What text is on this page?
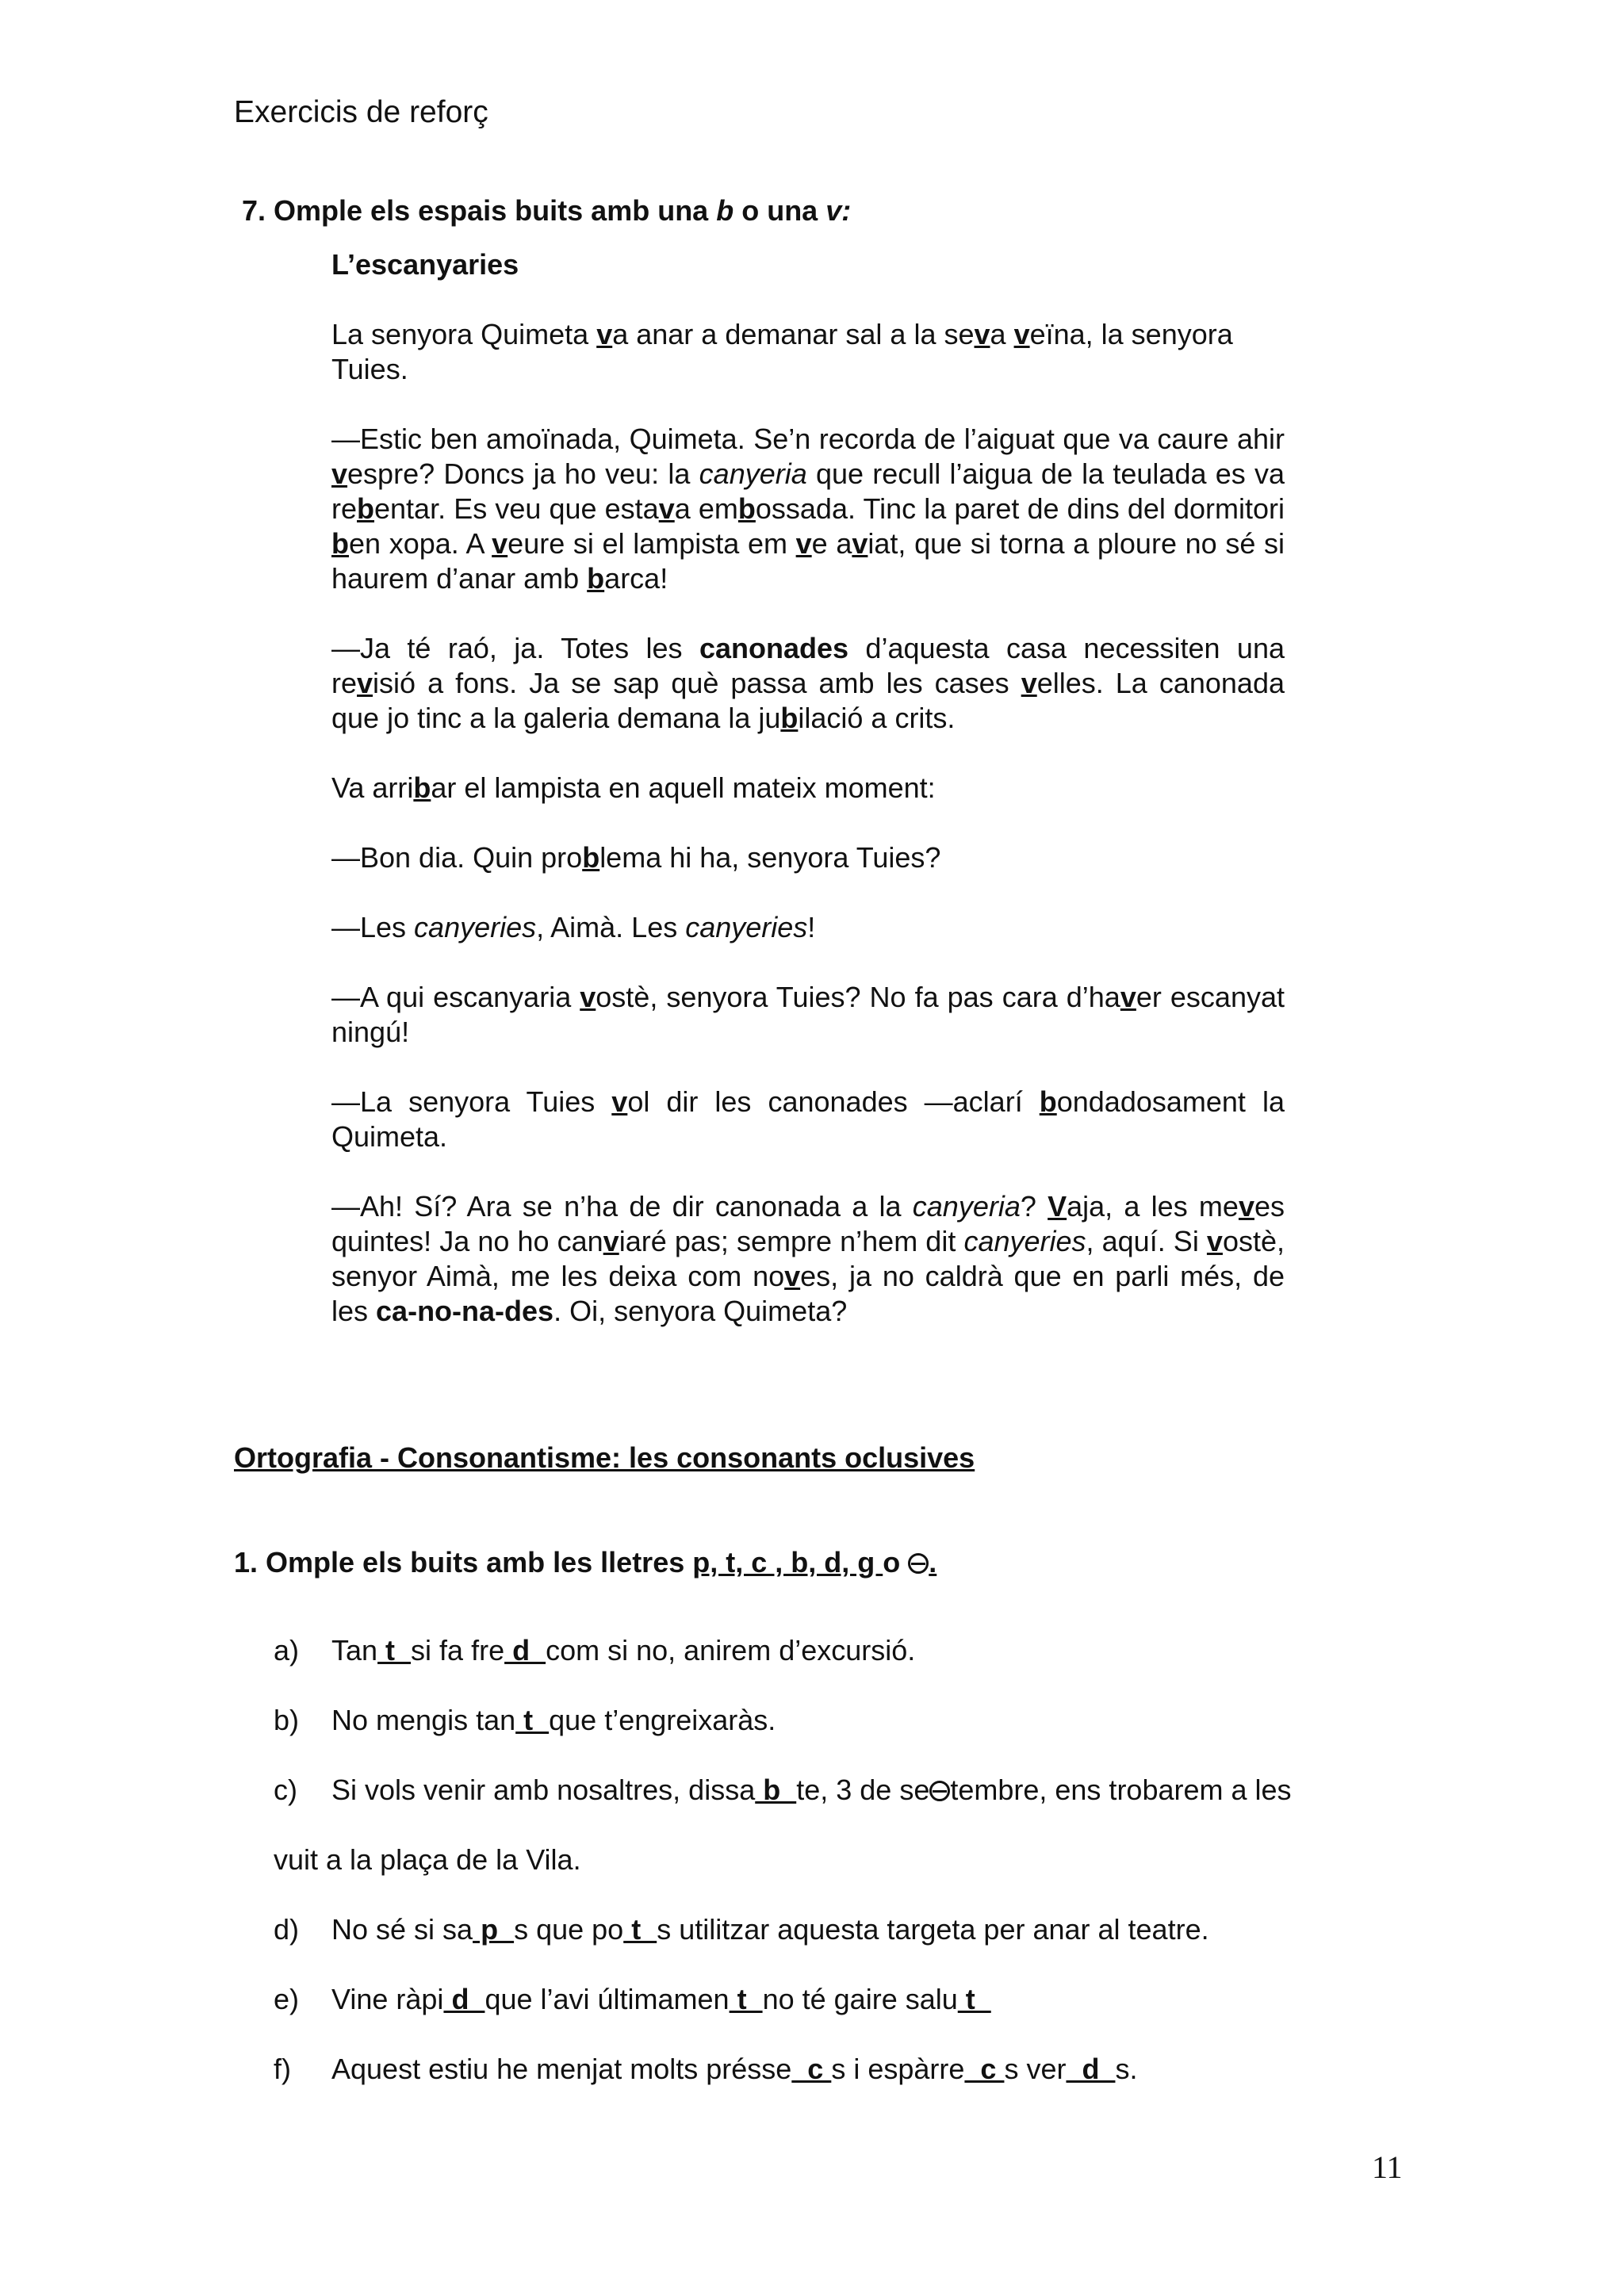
Exercicis de reforç
7. Omple els espais buits amb una b o una v:
L’escanyaries

La senyora Quimeta va anar a demanar sal a la seva veïna, la senyora Tuies.

—Estic ben amoïnada, Quimeta. Se’n recorda de l’aiguat que va caure ahir vespre? Doncs ja ho veu: la canyeria que recull l’aigua de la teulada es va rebentar. Es veu que estava embossada. Tinc la paret de dins del dormitori ben xopa. A veure si el lampista em ve aviat, que si torna a ploure no sé si haurem d’anar amb barca!

—Ja té raó, ja. Totes les canonades d’aquesta casa necessiten una revisió a fons. Ja se sap què passa amb les cases velles. La canonada que jo tinc a la galeria demana la jubilació a crits.

Va arribar el lampista en aquell mateix moment:

—Bon dia. Quin problema hi ha, senyora Tuies?

—Les canyeries, Aimà. Les canyeries!

—A qui escanyaria vostè, senyora Tuies? No fa pas cara d’haver escanyat ningú!

—La senyora Tuies vol dir les canonades —aclarí bondadosament la Quimeta.

—Ah! Sí? Ara se n’ha de dir canonada a la canyeria? Vaja, a les meves quintes! Ja no ho canviaré pas; sempre n’hem dit canyeries, aquí. Si vostè, senyor Aimà, me les deixa com noves, ja no caldrà que en parli més, de les ca-no-na-des. Oi, senyora Quimeta?

Ortografia - Consonantisme: les consonants oclusives
1. Omple els buits amb les lletres p, t, c , b, d, g o .
a) Tan t  si fa fre d  com si no, anirem d’excursió.
b) No mengis tan t  que t’engreixaràs.
c) Si vols venir amb nosaltres, dissa b  te, 3 de se tembre, ens trobarem a les
vuit a la plaça de la Vila.
d) No sé si sa p  s que po t  s utilitzar aquesta targeta per anar al teatre.
e) Vine ràpi d  que l’avi últimamen t  no té gaire salu t
f) Aquest estiu he menjat molts présse  c s i espàrre  c s ver  d  s.
11
